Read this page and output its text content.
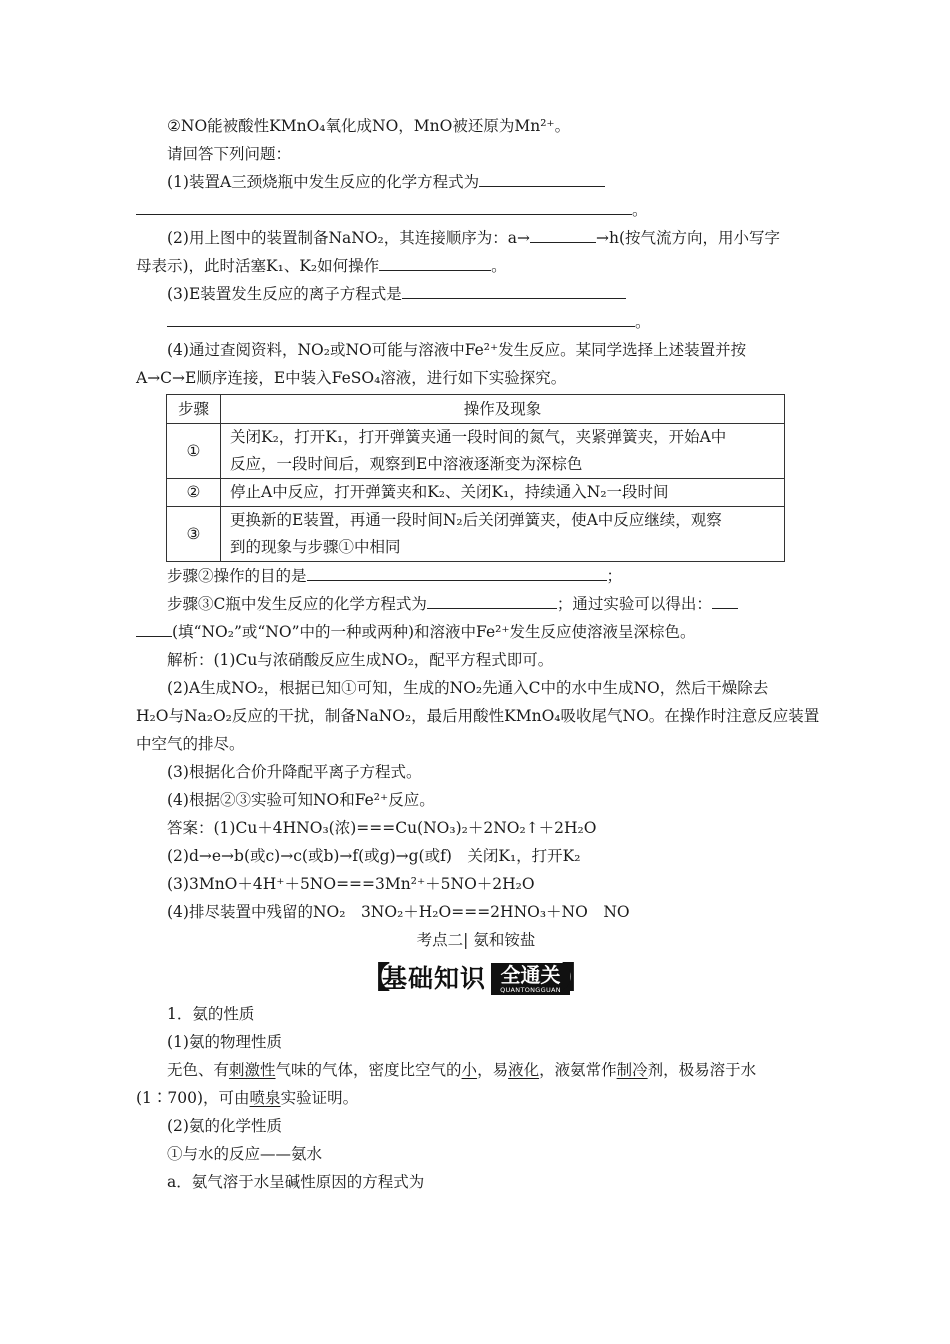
②NO能被酸性KMnO₄氧化成NO，MnO被还原为Mn²⁺。

请回答下列问题：

(1)装置A三颈烧瓶中发生反应的化学方程式为

。

(2)用上图中的装置制备NaNO₂，其连接顺序为：a→	→h(按气流方向，用小写字

母表示)，此时活塞K₁、K₂如何操作	。

(3)E装置发生反应的离子方程式是

。

(4)通过查阅资料，NO₂或NO可能与溶液中Fe²⁺发生反应。某同学选择上述装置并按

A→C→E顺序连接，E中装入FeSO₄溶液，进行如下实验探究。

步骤	操作及现象
①	关闭K₂，打开K₁，打开弹簧夹通一段时间的氮气，夹紧弹簧夹，开始A中
反应，一段时间后，观察到E中溶液逐渐变为深棕色

②	停止A中反应，打开弹簧夹和K₂、关闭K₁，持续通入N₂一段时间

③	更换新的E装置，再通一段时间N₂后关闭弹簧夹，使A中反应继续，观察
到的现象与步骤①中相同

步骤②操作的目的是	；

步骤③C瓶中发生反应的化学方程式为	；通过实验可以得出：

(填“NO₂”或“NO”中的一种或两种)和溶液中Fe²⁺发生反应使溶液呈深棕色。

解析：(1)Cu与浓硝酸反应生成NO₂，配平方程式即可。

(2)A生成NO₂，根据已知①可知，生成的NO₂先通入C中的水中生成NO，然后干燥除去

H₂O与Na₂O₂反应的干扰，制备NaNO₂，最后用酸性KMnO₄吸收尾气NO。在操作时注意反应装置

中空气的排尽。

(3)根据化合价升降配平离子方程式。

(4)根据②③实验可知NO和Fe²⁺反应。

答案：(1)Cu＋4HNO₃(浓)===Cu(NO₃)₂＋2NO₂↑＋2H₂O

(2)d→e→b(或c)→c(或b)→f(或g)→g(或f)　关闭K₁，打开K₂

(3)3MnO＋4H⁺＋5NO===3Mn²⁺＋5NO＋2H₂O

(4)排尽装置中残留的NO₂　3NO₂＋H₂O===2HNO₃＋NO　NO

考点二| 氨和铵盐

【
基础知识 全通关
QUANTONGGUAN 】

1．氨的性质

(1)氨的物理性质

无色、有刺激性气味的气体，密度比空气的小，易液化，液氨常作制冷剂，极易溶于水

(1∶700)，可由喷泉实验证明。

(2)氨的化学性质

①与水的反应——氨水

a．氨气溶于水呈碱性原因的方程式为
